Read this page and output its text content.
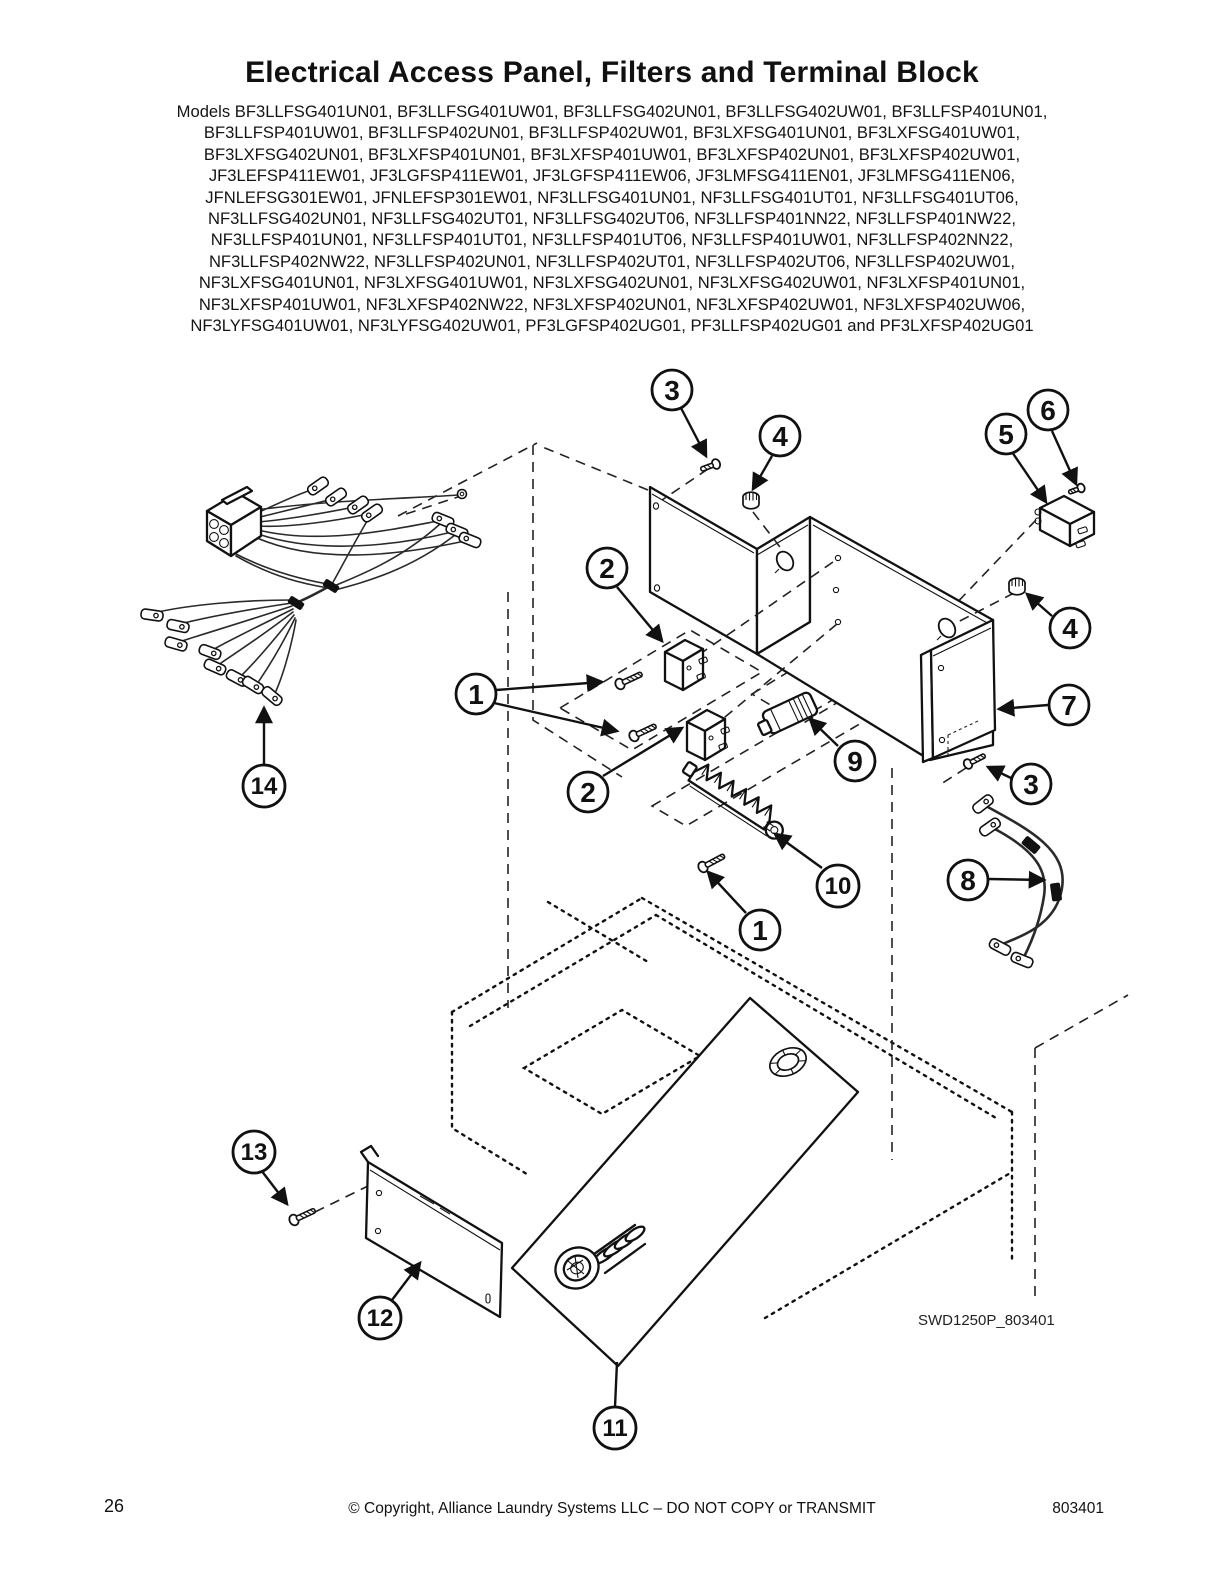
Electrical Access Panel, Filters and Terminal Block
Models BF3LLFSG401UN01, BF3LLFSG401UW01, BF3LLFSG402UN01, BF3LLFSG402UW01, BF3LLFSP401UN01,
BF3LLFSP401UW01, BF3LLFSP402UN01, BF3LLFSP402UW01, BF3LXFSG401UN01, BF3LXFSG401UW01,
BF3LXFSG402UN01, BF3LXFSP401UN01, BF3LXFSP401UW01, BF3LXFSP402UN01, BF3LXFSP402UW01,
JF3LEFSP411EW01, JF3LGFSP411EW01, JF3LGFSP411EW06, JF3LMFSG411EN01, JF3LMFSG411EN06,
JFNLEFSG301EW01, JFNLEFSP301EW01, NF3LLFSG401UN01, NF3LLFSG401UT01, NF3LLFSG401UT06,
NF3LLFSG402UN01, NF3LLFSG402UT01, NF3LLFSG402UT06, NF3LLFSP401NN22, NF3LLFSP401NW22,
NF3LLFSP401UN01, NF3LLFSP401UT01, NF3LLFSP401UT06, NF3LLFSP401UW01, NF3LLFSP402NN22,
NF3LLFSP402NW22, NF3LLFSP402UN01, NF3LLFSP402UT01, NF3LLFSP402UT06, NF3LLFSP402UW01,
NF3LXFSG401UN01, NF3LXFSG401UW01, NF3LXFSG402UN01, NF3LXFSG402UW01, NF3LXFSP401UN01,
NF3LXFSP401UW01, NF3LXFSP402NW22, NF3LXFSP402UN01, NF3LXFSP402UW01, NF3LXFSP402UW06,
NF3LYFSG401UW01, NF3LYFSG402UW01, PF3LGFSP402UG01, PF3LLFSP402UG01 and PF3LXFSP402UG01
3
4	5
6
2
4
1	7
9
3
2
14
10	8
1
13
12
11
SWD1250P_803401
26	© Copyright, Alliance Laundry Systems LLC – DO NOT COPY or TRANSMIT	803401
